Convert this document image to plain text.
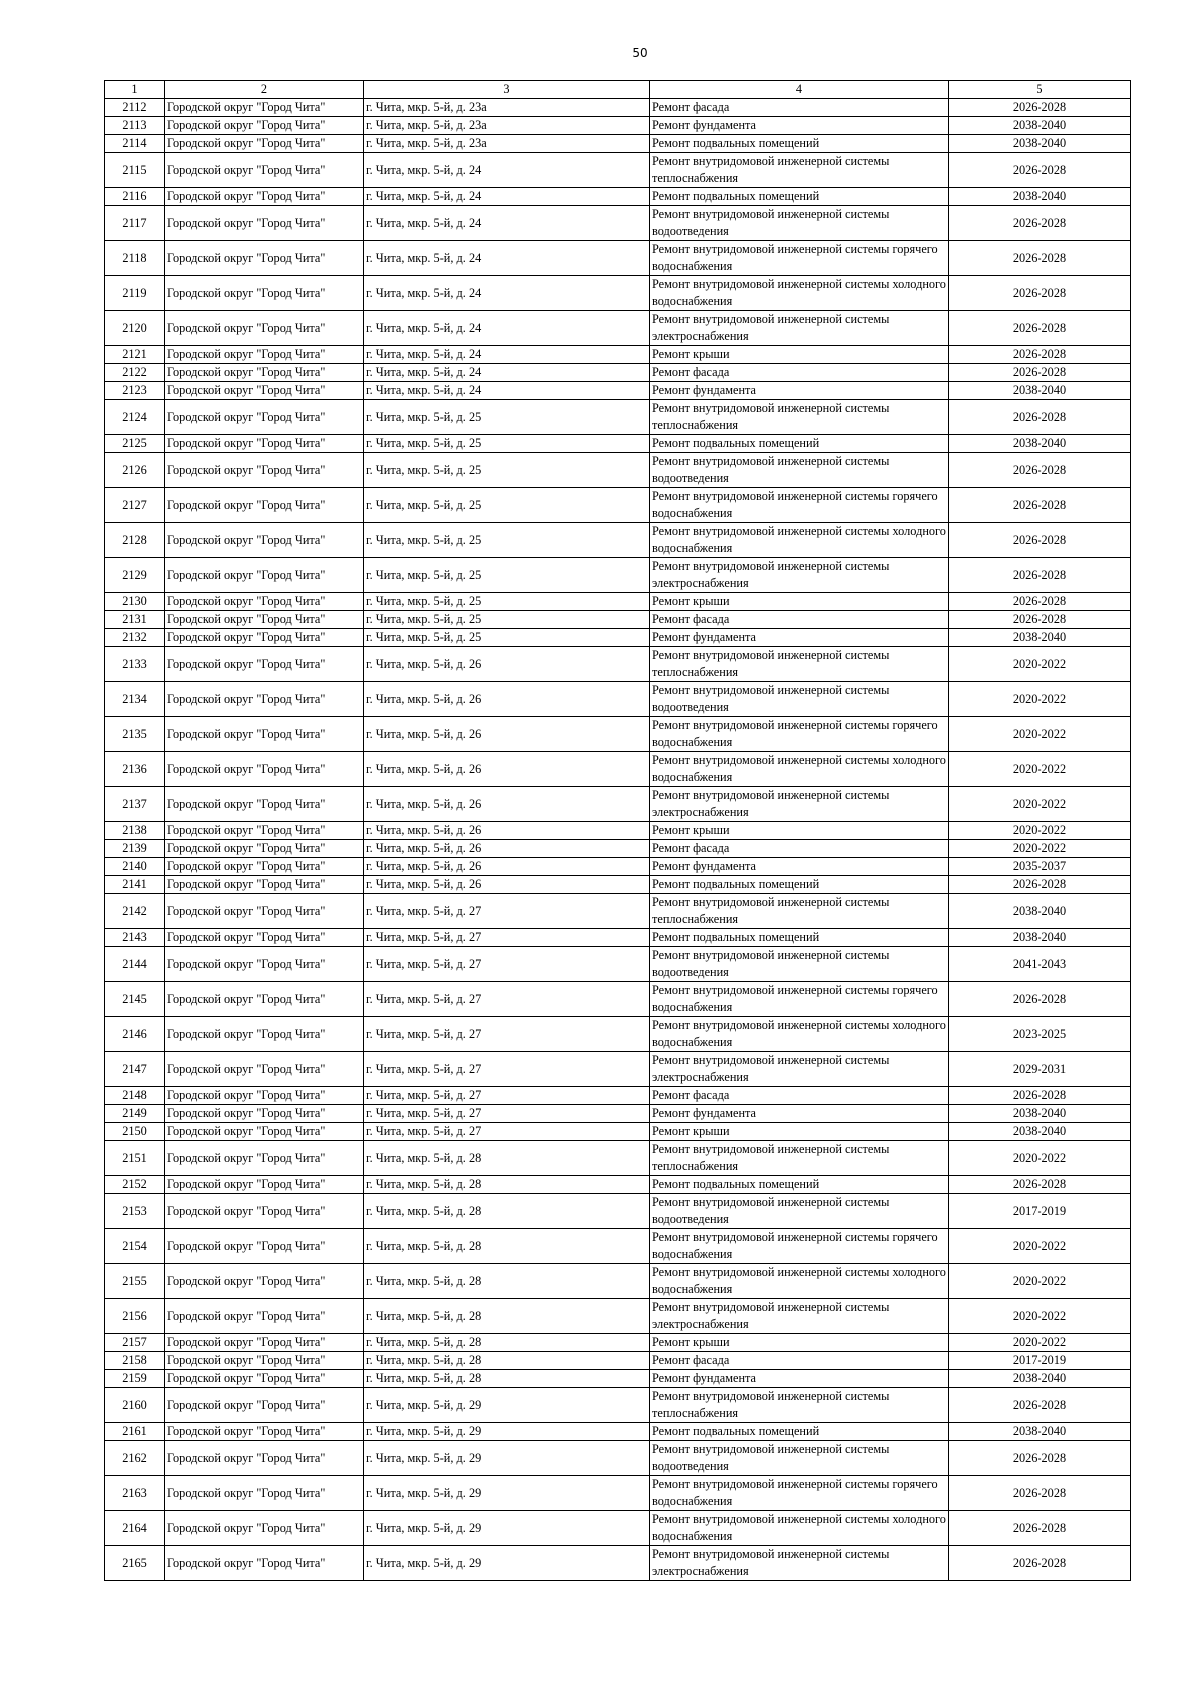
50
1	2	3	4	5
2112	Городской округ "Город Чита"	г. Чита, мкр. 5-й, д. 23а	Ремонт фасада	2026-2028
2113	Городской округ "Город Чита"	г. Чита, мкр. 5-й, д. 23а	Ремонт фундамента	2038-2040
2114	Городской округ "Город Чита"	г. Чита, мкр. 5-й, д. 23а	Ремонт подвальных помещений	2038-2040
2115	Городской округ "Город Чита"	г. Чита, мкр. 5-й, д. 24	Ремонт внутридомовой инженерной системы теплоснабжения	2026-2028
2116	Городской округ "Город Чита"	г. Чита, мкр. 5-й, д. 24	Ремонт подвальных помещений	2038-2040
2117	Городской округ "Город Чита"	г. Чита, мкр. 5-й, д. 24	Ремонт внутридомовой инженерной системы водоотведения	2026-2028
2118	Городской округ "Город Чита"	г. Чита, мкр. 5-й, д. 24	Ремонт внутридомовой инженерной системы горячего водоснабжения	2026-2028
2119	Городской округ "Город Чита"	г. Чита, мкр. 5-й, д. 24	Ремонт внутридомовой инженерной системы холодного водоснабжения	2026-2028
2120	Городской округ "Город Чита"	г. Чита, мкр. 5-й, д. 24	Ремонт внутридомовой инженерной системы электроснабжения	2026-2028
2121	Городской округ "Город Чита"	г. Чита, мкр. 5-й, д. 24	Ремонт крыши	2026-2028
2122	Городской округ "Город Чита"	г. Чита, мкр. 5-й, д. 24	Ремонт фасада	2026-2028
2123	Городской округ "Город Чита"	г. Чита, мкр. 5-й, д. 24	Ремонт фундамента	2038-2040
2124	Городской округ "Город Чита"	г. Чита, мкр. 5-й, д. 25	Ремонт внутридомовой инженерной системы теплоснабжения	2026-2028
2125	Городской округ "Город Чита"	г. Чита, мкр. 5-й, д. 25	Ремонт подвальных помещений	2038-2040
2126	Городской округ "Город Чита"	г. Чита, мкр. 5-й, д. 25	Ремонт внутридомовой инженерной системы водоотведения	2026-2028
2127	Городской округ "Город Чита"	г. Чита, мкр. 5-й, д. 25	Ремонт внутридомовой инженерной системы горячего водоснабжения	2026-2028
2128	Городской округ "Город Чита"	г. Чита, мкр. 5-й, д. 25	Ремонт внутридомовой инженерной системы холодного водоснабжения	2026-2028
2129	Городской округ "Город Чита"	г. Чита, мкр. 5-й, д. 25	Ремонт внутридомовой инженерной системы электроснабжения	2026-2028
2130	Городской округ "Город Чита"	г. Чита, мкр. 5-й, д. 25	Ремонт крыши	2026-2028
2131	Городской округ "Город Чита"	г. Чита, мкр. 5-й, д. 25	Ремонт фасада	2026-2028
2132	Городской округ "Город Чита"	г. Чита, мкр. 5-й, д. 25	Ремонт фундамента	2038-2040
2133	Городской округ "Город Чита"	г. Чита, мкр. 5-й, д. 26	Ремонт внутридомовой инженерной системы теплоснабжения	2020-2022
2134	Городской округ "Город Чита"	г. Чита, мкр. 5-й, д. 26	Ремонт внутридомовой инженерной системы водоотведения	2020-2022
2135	Городской округ "Город Чита"	г. Чита, мкр. 5-й, д. 26	Ремонт внутридомовой инженерной системы горячего водоснабжения	2020-2022
2136	Городской округ "Город Чита"	г. Чита, мкр. 5-й, д. 26	Ремонт внутридомовой инженерной системы холодного водоснабжения	2020-2022
2137	Городской округ "Город Чита"	г. Чита, мкр. 5-й, д. 26	Ремонт внутридомовой инженерной системы электроснабжения	2020-2022
2138	Городской округ "Город Чита"	г. Чита, мкр. 5-й, д. 26	Ремонт крыши	2020-2022
2139	Городской округ "Город Чита"	г. Чита, мкр. 5-й, д. 26	Ремонт фасада	2020-2022
2140	Городской округ "Город Чита"	г. Чита, мкр. 5-й, д. 26	Ремонт фундамента	2035-2037
2141	Городской округ "Город Чита"	г. Чита, мкр. 5-й, д. 26	Ремонт подвальных помещений	2026-2028
2142	Городской округ "Город Чита"	г. Чита, мкр. 5-й, д. 27	Ремонт внутридомовой инженерной системы теплоснабжения	2038-2040
2143	Городской округ "Город Чита"	г. Чита, мкр. 5-й, д. 27	Ремонт подвальных помещений	2038-2040
2144	Городской округ "Город Чита"	г. Чита, мкр. 5-й, д. 27	Ремонт внутридомовой инженерной системы водоотведения	2041-2043
2145	Городской округ "Город Чита"	г. Чита, мкр. 5-й, д. 27	Ремонт внутридомовой инженерной системы горячего водоснабжения	2026-2028
2146	Городской округ "Город Чита"	г. Чита, мкр. 5-й, д. 27	Ремонт внутридомовой инженерной системы холодного водоснабжения	2023-2025
2147	Городской округ "Город Чита"	г. Чита, мкр. 5-й, д. 27	Ремонт внутридомовой инженерной системы электроснабжения	2029-2031
2148	Городской округ "Город Чита"	г. Чита, мкр. 5-й, д. 27	Ремонт фасада	2026-2028
2149	Городской округ "Город Чита"	г. Чита, мкр. 5-й, д. 27	Ремонт фундамента	2038-2040
2150	Городской округ "Город Чита"	г. Чита, мкр. 5-й, д. 27	Ремонт крыши	2038-2040
2151	Городской округ "Город Чита"	г. Чита, мкр. 5-й, д. 28	Ремонт внутридомовой инженерной системы теплоснабжения	2020-2022
2152	Городской округ "Город Чита"	г. Чита, мкр. 5-й, д. 28	Ремонт подвальных помещений	2026-2028
2153	Городской округ "Город Чита"	г. Чита, мкр. 5-й, д. 28	Ремонт внутридомовой инженерной системы водоотведения	2017-2019
2154	Городской округ "Город Чита"	г. Чита, мкр. 5-й, д. 28	Ремонт внутридомовой инженерной системы горячего водоснабжения	2020-2022
2155	Городской округ "Город Чита"	г. Чита, мкр. 5-й, д. 28	Ремонт внутридомовой инженерной системы холодного водоснабжения	2020-2022
2156	Городской округ "Город Чита"	г. Чита, мкр. 5-й, д. 28	Ремонт внутридомовой инженерной системы электроснабжения	2020-2022
2157	Городской округ "Город Чита"	г. Чита, мкр. 5-й, д. 28	Ремонт крыши	2020-2022
2158	Городской округ "Город Чита"	г. Чита, мкр. 5-й, д. 28	Ремонт фасада	2017-2019
2159	Городской округ "Город Чита"	г. Чита, мкр. 5-й, д. 28	Ремонт фундамента	2038-2040
2160	Городской округ "Город Чита"	г. Чита, мкр. 5-й, д. 29	Ремонт внутридомовой инженерной системы теплоснабжения	2026-2028
2161	Городской округ "Город Чита"	г. Чита, мкр. 5-й, д. 29	Ремонт подвальных помещений	2038-2040
2162	Городской округ "Город Чита"	г. Чита, мкр. 5-й, д. 29	Ремонт внутридомовой инженерной системы водоотведения	2026-2028
2163	Городской округ "Город Чита"	г. Чита, мкр. 5-й, д. 29	Ремонт внутридомовой инженерной системы горячего водоснабжения	2026-2028
2164	Городской округ "Город Чита"	г. Чита, мкр. 5-й, д. 29	Ремонт внутридомовой инженерной системы холодного водоснабжения	2026-2028
2165	Городской округ "Город Чита"	г. Чита, мкр. 5-й, д. 29	Ремонт внутридомовой инженерной системы электроснабжения	2026-2028
